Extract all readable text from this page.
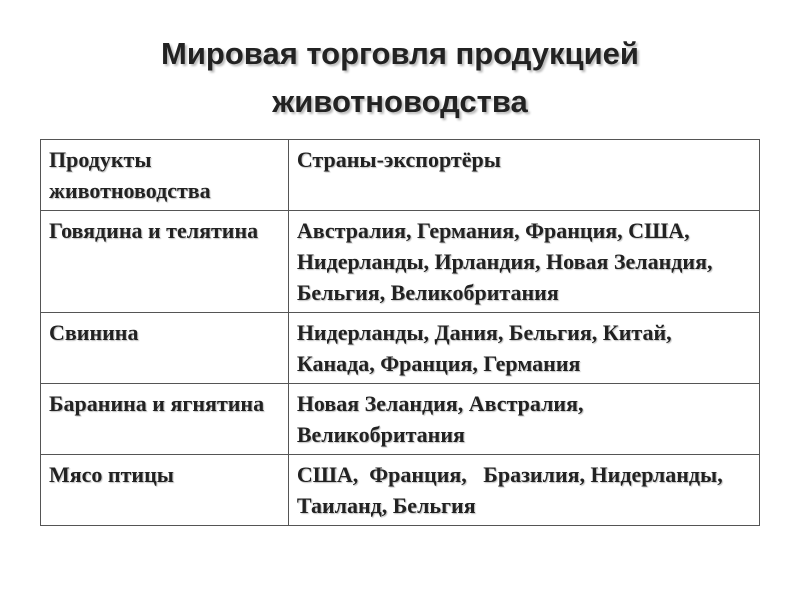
Мировая торговля продукцией
животноводства
Продукты животноводства	Страны-экспортёры
Говядина и телятина	Австралия, Германия, Франция, США, Нидерланды, Ирландия, Новая Зеландия, Бельгия, Великобритания
Свинина	Нидерланды, Дания, Бельгия, Китай, Канада, Франция, Германия
Баранина и ягнятина	Новая Зеландия, Австралия, Великобритания
Мясо птицы	США,  Франция,   Бразилия, Нидерланды, Таиланд, Бельгия
